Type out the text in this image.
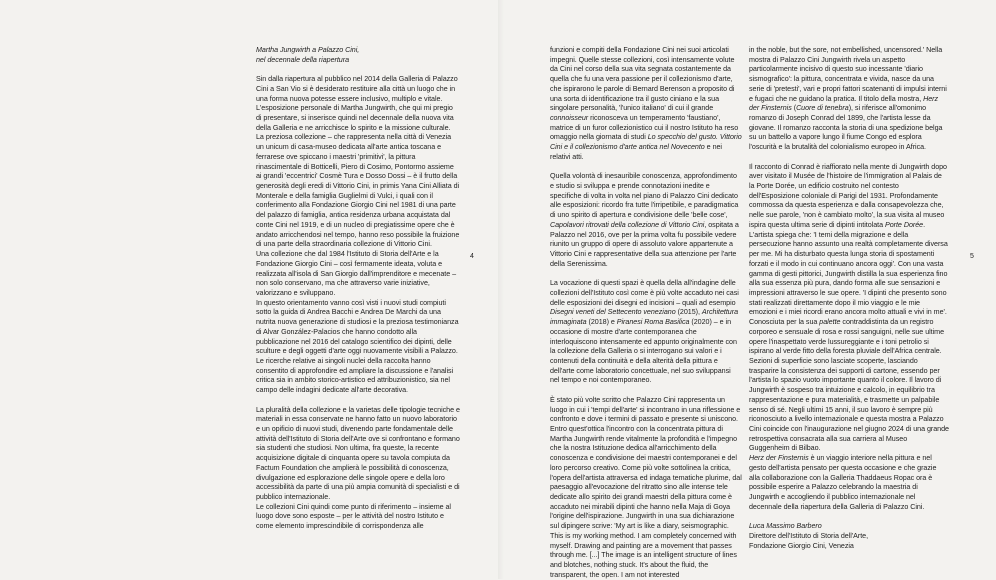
4	5

Martha Jungwirth a Palazzo Cini,
nel decennale della riapertura

Sin dalla riapertura al pubblico nel 2014 della Galleria di Palazzo Cini a San Vio si è desiderato restituire alla città un luogo che in una forma nuova potesse essere inclusivo, multiplo e vitale.

L'esposizione personale di Martha Jungwirth, che qui mi pregio di presentare, si inserisce quindi nel decennale della nuova vita della Galleria e ne arricchisce lo spirito e la missione culturale. La preziosa collezione – che rappresenta nella città di Venezia un unicum di casa-museo dedicata all'arte antica toscana e ferrarese ove spiccano i maestri 'primitivi', la pittura rinascimentale di Botticelli, Piero di Cosimo, Pontormo assieme ai grandi 'eccentrici' Cosmè Tura e Dosso Dossi – è il frutto della generosità degli eredi di Vittorio Cini, in primis Yana Cini Alliata di Monterale e della famiglia Guglielmi di Vulci, i quali con il conferimento alla Fondazione Giorgio Cini nel 1981 di una parte del palazzo di famiglia, antica residenza urbana acquistata dal conte Cini nel 1919, e di un nucleo di pregiatissime opere che è andato arricchendosi nel tempo, hanno reso possibile la fruizione di una parte della straordinaria collezione di Vittorio Cini.

Una collezione che dal 1984 l'Istituto di Storia dell'Arte e la Fondazione Giorgio Cini – così fermamente ideata, voluta e realizzata all'isola di San Giorgio dall'imprenditore e mecenate – non solo conservano, ma che attraverso varie iniziative, valorizzano e sviluppano.

In questo orientamento vanno così visti i nuovi studi compiuti sotto la guida di Andrea Bacchi e Andrea De Marchi da una nutrita nuova generazione di studiosi e la preziosa testimonianza di Alvar González-Palacios che hanno condotto alla pubblicazione nel 2016 del catalogo scientifico dei dipinti, delle sculture e degli oggetti d'arte oggi nuovamente visibili a Palazzo.

Le ricerche relative ai singoli nuclei della raccolta hanno consentito di approfondire ed ampliare la discussione e l'analisi critica sia in ambito storico-artistico ed attribuzionistico, sia nel campo delle indagini dedicate all'arte decorativa.

La pluralità della collezione e la varietas delle tipologie tecniche e materiali in essa conservate ne hanno fatto un nuovo laboratorio e un opificio di nuovi studi, divenendo parte fondamentale delle attività dell'Istituto di Storia dell'Arte ove si confrontano e formano sia studenti che studiosi. Non ultima, fra queste, la recente acquisizione digitale di cinquanta opere su tavola compiuta da Factum Foundation che amplierà le possibilità di conoscenza, divulgazione ed esplorazione delle singole opere e della loro accessibilità da parte di una più ampia comunità di specialisti e di pubblico internazionale.

Le collezioni Cini quindi come punto di riferimento – insieme al luogo dove sono esposte – per le attività del nostro Istituto e come elemento imprescindibile di corrispondenza alle

funzioni e compiti della Fondazione Cini nei suoi articolati impegni. Quelle stesse collezioni, così intensamente volute da Cini nel corso della sua vita segnata costantemente da quella che fu una vera passione per il collezionismo d'arte, che ispirarono le parole di Bernard Berenson a proposito di una sorta di identificazione tra il gusto ciniano e la sua singolare personalità, 'l'unico italiano' di cui il grande connoisseur riconosceva un temperamento 'faustiano', matrice di un furor collezionistico cui il nostro Istituto ha reso omaggio nella giornata di studi Lo specchio del gusto. Vittorio Cini e il collezionismo d'arte antica nel Novecento e nei relativi atti.

Quella volontà di inesauribile conoscenza, approfondimento e studio si sviluppa e prende connotazioni inedite e specifiche di volta in volta nel piano di Palazzo Cini dedicato alle esposizioni: ricordo fra tutte l'irripetibile, e paradigmatica di uno spirito di apertura e condivisione delle 'belle cose', Capolavori ritrovati della collezione di Vittorio Cini, ospitata a Palazzo nel 2016, ove per la prima volta fu possibile vedere riunito un gruppo di opere di assoluto valore appartenute a Vittorio Cini e rappresentative della sua attenzione per l'arte della Serenissima.

La vocazione di questi spazi è quella della all'indagine delle collezioni dell'Istituto così come è più volte accaduto nei casi delle esposizioni dei disegni ed incisioni – quali ad esempio Disegni veneti del Settecento veneziano (2015), Architettura immaginata (2018) e Piranesi Roma Basilica (2020) – e in occasione di mostre d'arte contemporanea che interloquiscono intensamente ed appunto originalmente con la collezione della Galleria o si interrogano sui valori e i contenuti della continuità e della alterità della pittura e dell'arte come laboratorio concettuale, nel suo sviluppansi nel tempo e noi contemporaneo.

È stato più volte scritto che Palazzo Cini rappresenta un luogo in cui i 'tempi dell'arte' si incontrano in una riflessione e confronto e dove i termini di passato e presente si uniscono. Entro quest'ottica l'incontro con la concentrata pittura di Martha Jungwirth rende vitalmente la profondità e l'impegno che la nostra Istituzione dedica all'arricchimento della conoscenza e condivisione dei maestri contemporanei e del loro percorso creativo. Come più volte sottolinea la critica, l'opera dell'artista attraversa ed indaga tematiche plurime, dal paesaggio all'evocazione del ritratto sino alle intense tele dedicate allo spirito dei grandi maestri della pittura come è accaduto nei mirabili dipinti che hanno nella Maja di Goya l'origine dell'ispirazione. Jungwirth in una sua dichiarazione sul dipingere scrive: 'My art is like a diary, seismographic. This is my working method. I am completely concerned with myself. Drawing and painting are a movement that passes through me. [...] The image is an intelligent structure of lines and blotches, nothing stuck. It's about the fluid, the transparent, the open. I am not interested

in the noble, but the sore, not embellished, uncensored.' Nella mostra di Palazzo Cini Jungwirth rivela un aspetto particolarmente incisivo di questo suo incessante 'diario sismografico': la pittura, concentrata e vivida, nasce da una serie di 'pretesti', vari e propri fattori scatenanti di impulsi interni e fugaci che ne guidano la pratica. Il titolo della mostra, Herz der Finsternis (Cuore di tenebra), si riferisce all'omonimo romanzo di Joseph Conrad del 1899, che l'artista lesse da giovane. Il romanzo racconta la storia di una spedizione belga su un battello a vapore lungo il fiume Congo ed esplora l'oscurità e la brutalità del colonialismo europeo in Africa.

Il racconto di Conrad è riaffiorato nella mente di Jungwirth dopo aver visitato il Musée de l'histoire de l'immigration al Palais de la Porte Dorée, un edificio costruito nel contesto dell'Esposizione coloniale di Parigi del 1931. Profondamente commossa da questa esperienza e dalla consapevolezza che, nelle sue parole, 'non è cambiato molto', la sua visita al museo ispira questa ultima serie di dipinti intitolata Porte Dorée. L'artista spiega che: 'I temi della migrazione e della persecuzione hanno assunto una realtà completamente diversa per me. Mi ha disturbato questa lunga storia di spostamenti forzati e il modo in cui continuano ancora oggi'. Con una vasta gamma di gesti pittorici, Jungwirth distilla la sua esperienza fino alla sua essenza più pura, dando forma alle sue sensazioni e impressioni attraverso le sue opere. 'I dipinti che presento sono stati realizzati direttamente dopo il mio viaggio e le mie emozioni e i miei ricordi erano ancora molto attuali e vivi in me'. Conosciuta per la sua palette contraddistinta da un registro corporeo e sensuale di rosa e rossi sanguigni, nelle sue ultime opere l'inaspettato verde lussureggiante e i toni petrolio si ispirano al verde fitto della foresta pluviale dell'Africa centrale. Sezioni di superficie sono lasciate scoperte, lasciando trasparire la consistenza dei supporti di cartone, essendo per l'artista lo spazio vuoto importante quanto il colore. Il lavoro di Jungwirth è sospeso tra intuizione e calcolo, in equilibrio tra rappresentazione e pura materialità, e trasmette un palpabile senso di sé. Negli ultimi 15 anni, il suo lavoro è sempre più riconosciuto a livello internazionale e questa mostra a Palazzo Cini coincide con l'inaugurazione nel giugno 2024 di una grande retrospettiva consacrata alla sua carriera al Museo Guggenheim di Bilbao.

Herz der Finsternis è un viaggio interiore nella pittura e nel gesto dell'artista pensato per questa occasione e che grazie alla collaborazione con la Galleria Thaddaeus Ropac ora è possibile esperire a Palazzo celebrando la maestria di Jungwirth e accogliendo il pubblico internazionale nel decennale della riapertura della Galleria di Palazzo Cini.

Luca Massimo Barbero

Direttore dell'Istituto di Storia dell'Arte,

Fondazione Giorgio Cini, Venezia
